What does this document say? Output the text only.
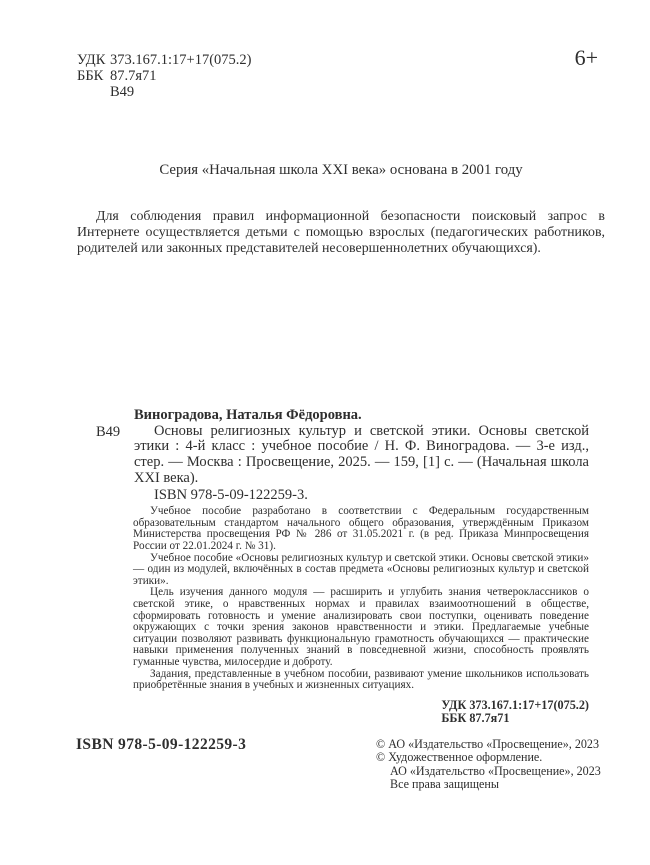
УДК 373.167.1:17+17(075.2)
ББК 87.7я71
В49
6+
Серия «Начальная школа XXI века» основана в 2001 году

Для соблюдения правил информационной безопасности поисковый запрос в Интернете осуществляется детьми с помощью взрослых (педагогических работников, родителей или законных представителей несовершеннолетних обучающихся).

В49
Виноградова, Наталья Фёдоровна.

Основы религиозных культур и светской этики. Основы светской этики : 4-й класс : учебное пособие / Н. Ф. Виноградова. — 3-е изд., стер. — Москва : Просвещение, 2025. — 159, [1] с. — (Начальная школа XXI века).

ISBN 978-5-09-122259-3.

Учебное пособие разработано в соответствии с Федеральным государственным образовательным стандартом начального общего образования, утверждённым Приказом Министерства просвещения РФ № 286 от 31.05.2021 г. (в ред. Приказа Минпросвещения России от 22.01.2024 г. № 31).

Учебное пособие «Основы религиозных культур и светской этики. Основы светской этики» — один из модулей, включённых в состав предмета «Основы религиозных культур и светской этики».

Цель изучения данного модуля — расширить и углубить знания четвероклассников о светской этике, о нравственных нормах и правилах взаимоотношений в обществе, сформировать готовность и умение анализировать свои поступки, оценивать поведение окружающих с точки зрения законов нравственности и этики. Предлагаемые учебные ситуации позволяют развивать функциональную грамотность обучающихся — практические навыки применения полученных знаний в повседневной жизни, способность проявлять гуманные чувства, милосердие и доброту.

Задания, представленные в учебном пособии, развивают умение школьников использовать приобретённые знания в учебных и жизненных ситуациях.

УДК 373.167.1:17+17(075.2)
ББК 87.7я71
ISBN 978-5-09-122259-3	© АО «Издательство «Просвещение», 2023
© Художественное оформление.
АО «Издательство «Просвещение», 2023
Все права защищены
